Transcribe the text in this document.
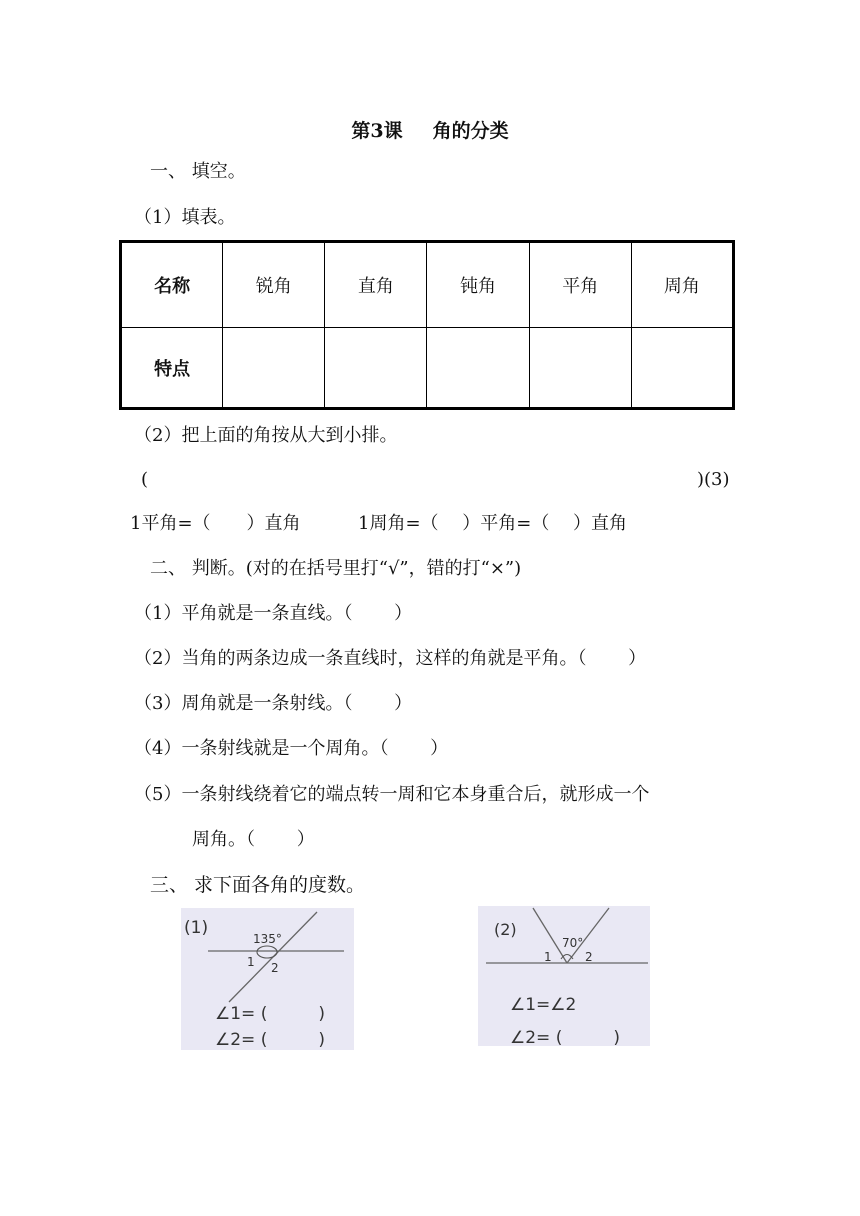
第3课 角的分类
一、 填空。
（1）填表。
名称	锐角	直角	钝角	平角	周角
特点					
（2）把上面的角按从大到小排。
(	)(3)
1平角=（　　）直角	1周角=（　 ）平角=（　 ）直角
二、 判断。(对的在括号里打“√”，错的打“×”)
（1）平角就是一条直线。（　　 ）
（2）当角的两条边成一条直线时，这样的角就是平角。（　　 ）
（3）周角就是一条射线。（　　 ）
（4）一条射线就是一个周角。（　　 ）
（5）一条射线绕着它的端点转一周和它本身重合后，就形成一个
周角。（　　 ）
三、 求下面各角的度数。
(1)
135°
1 2
∠1= (　　　)
∠2= (　　　)
(2)
70°
1	2
∠1=∠2
∠2= (　　　)
